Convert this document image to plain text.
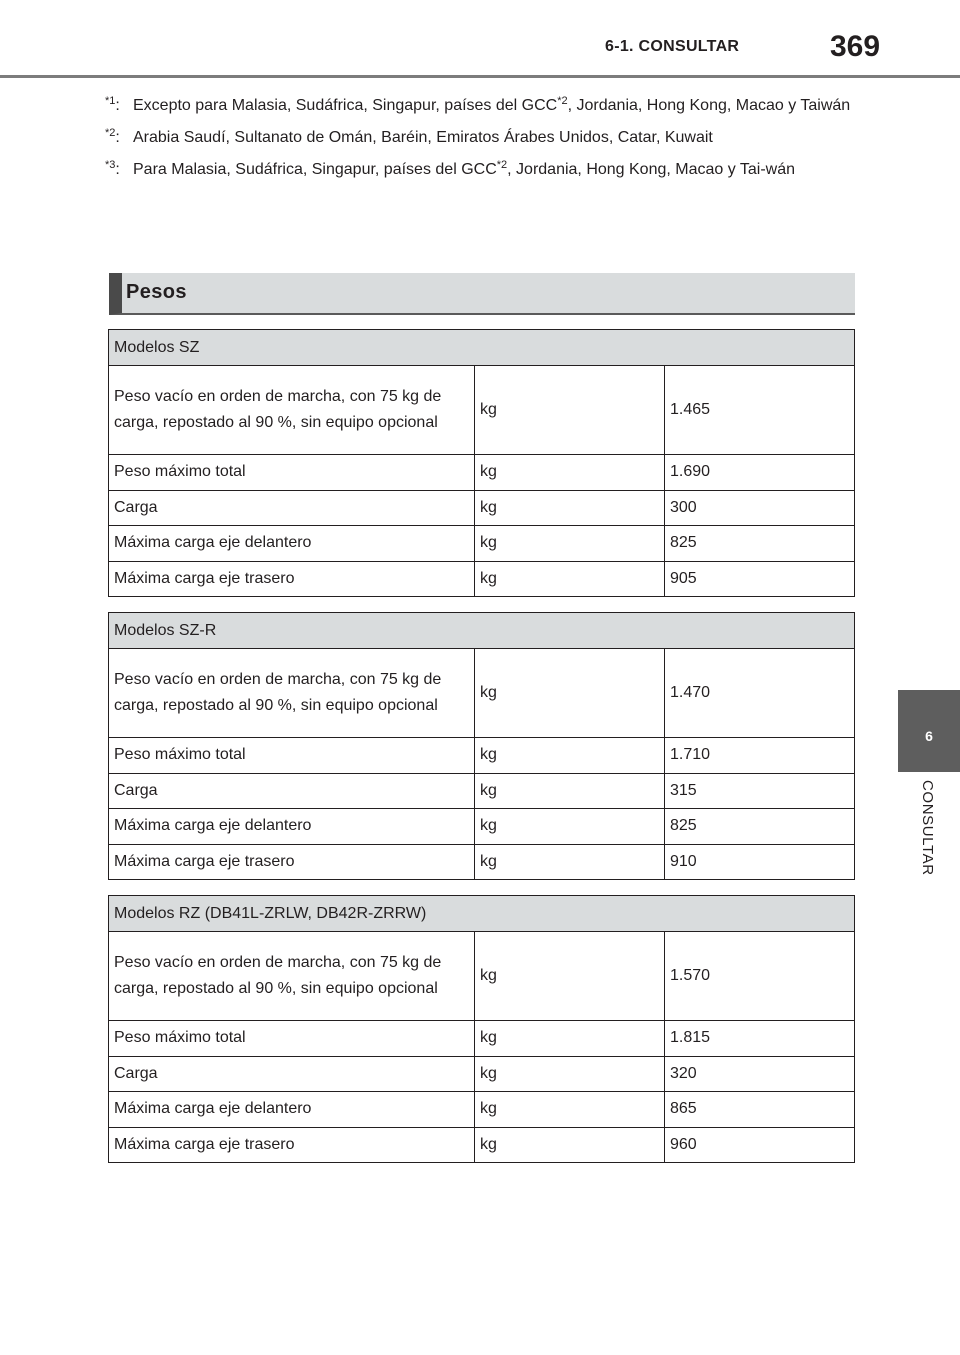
6-1. CONSULTAR	369
6
CONSULTAR
$^{*1}$: Excepto para Malasia, Sudáfrica, Singapur, países del GCC$^{*2}$, Jordania, Hong Kong, Macao y Taiwán
$^{*2}$: Arabia Saudí, Sultanato de Omán, Baréin, Emiratos Árabes Unidos, Catar, Kuwait
$^{*3}$: Para Malasia, Sudáfrica, Singapur, países del GCC$^{*2}$, Jordania, Hong Kong, Macao y Tai-wán
Pesos
Modelos SZ		
Peso vacío en orden de marcha, con 75 kg de carga, repostado al 90 %, sin equipo opcional	kg	1.465
Peso máximo total	kg	1.690
Carga	kg	300
Máxima carga eje delantero	kg	825
Máxima carga eje trasero	kg	905
Modelos SZ-R		
Peso vacío en orden de marcha, con 75 kg de carga, repostado al 90 %, sin equipo opcional	kg	1.470
Peso máximo total	kg	1.710
Carga	kg	315
Máxima carga eje delantero	kg	825
Máxima carga eje trasero	kg	910
Modelos RZ (DB41L-ZRLW, DB42R-ZRRW)		
Peso vacío en orden de marcha, con 75 kg de carga, repostado al 90 %, sin equipo opcional	kg	1.570
Peso máximo total	kg	1.815
Carga	kg	320
Máxima carga eje delantero	kg	865
Máxima carga eje trasero	kg	960
